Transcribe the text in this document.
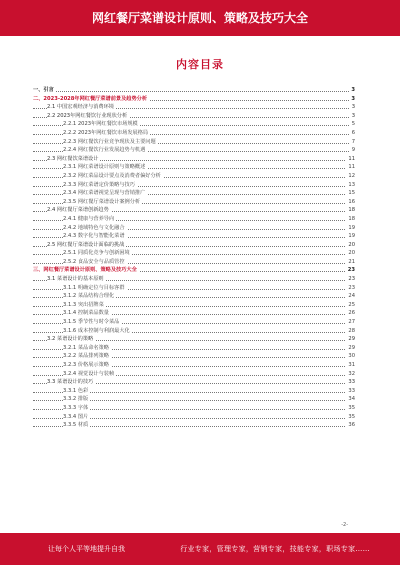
网红餐厅菜谱设计原则、策略及技巧大全
内容目录
一、引言	3
二、2023-2028年网红餐厅菜谱前景及趋势分析	3
2.1 中国宏观经济与消费环境	3
2.2 2023年网红餐饮行业现状分析	3
2.2.1 2023年网红餐饮市场规模	5
2.2.2 2023年网红餐饮市场发展格局	6
2.2.3 网红餐饮行业竞争现状及主要问题	7
2.2.4 网红餐饮行业发展趋势与机遇	9
2.3 网红餐饮菜谱设计	11
2.3.1 网红菜谱设计原则与策略概述	11
2.3.2 网红菜品设计要点及消费者偏好分析	12
2.3.3 网红菜谱定价策略与技巧	13
2.3.4 网红菜谱视觉呈现与营销推广	15
2.3.5 网红餐厅菜谱设计案例分析	16
2.4 网红餐厅菜谱创新趋势	18
2.4.1 健康与营养导向	18
2.4.2 地域特色与文化融合	19
2.4.3 数字化与智能化菜谱	19
2.5 网红餐厅菜谱设计面临的挑战	20
2.5.1 同质化竞争与创新困境	20
2.5.2 食品安全与品质管控	21
三、网红餐厅菜谱设计原则、策略及技巧大全	23
3.1 菜谱设计的基本原则	23
3.1.1 明确定位与目标客群	23
3.1.2 菜品结构合理化	24
3.1.3 突出招牌菜	25
3.1.4 控制菜品数量	26
3.1.5 季节性与时令菜品	27
3.1.6 成本控制与利润最大化	28
3.2 菜谱设计的策略	29
3.2.1 菜品命名策略	29
3.2.2 菜品排列策略	30
3.2.3 价格展示策略	31
3.2.4 视觉设计与装帧	32
3.3 菜谱设计的技巧	33
3.3.1 色彩	33
3.3.2 排版	34
3.3.3 字体	35
3.3.4 图片	35
3.3.5 材质	36
-2-
让每个人平等地提升自我	行业专家，管理专家，营销专家，技能专家，职场专家……
